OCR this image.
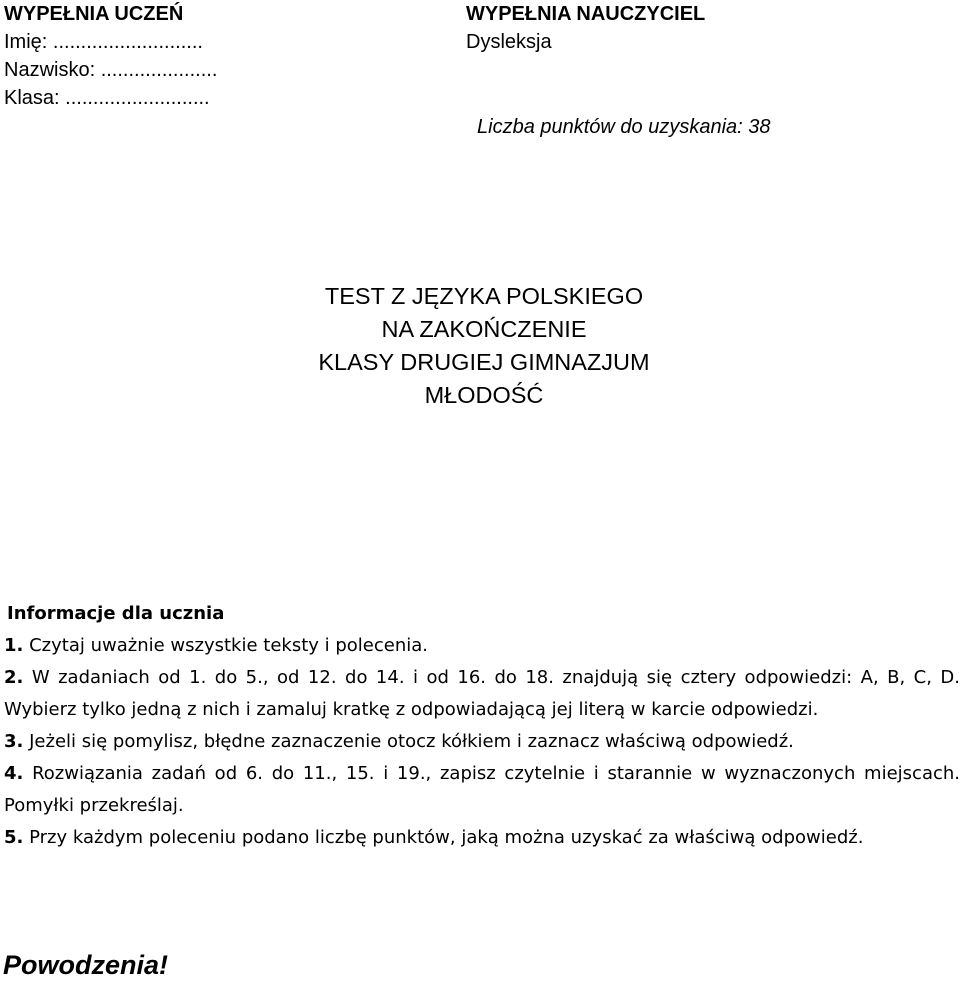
WYPEŁNIA UCZEŃ
Imię: ...........................
Nazwisko: .....................
Klasa: ..........................
WYPEŁNIA NAUCZYCIEL
Dysleksja
Liczba punktów do uzyskania: 38
TEST Z JĘZYKA POLSKIEGO
NA ZAKOŃCZENIE
KLASY DRUGIEJ GIMNAZJUM
MŁODOŚĆ
Informacje dla ucznia
1. Czytaj uważnie wszystkie teksty i polecenia.
2. W zadaniach od 1. do 5., od 12. do 14. i od 16. do 18. znajdują się cztery odpowiedzi: A, B, C, D. Wybierz tylko jedną z nich i zamaluj kratkę z odpowiadającą jej literą w karcie odpowiedzi.
3. Jeżeli się pomylisz, błędne zaznaczenie otocz kółkiem i zaznacz właściwą odpowiedź.
4. Rozwiązania zadań od 6. do 11., 15. i 19., zapisz czytelnie i starannie w wyznaczonych miejscach. Pomyłki przekreślaj.
5. Przy każdym poleceniu podano liczbę punktów, jaką można uzyskać za właściwą odpowiedź.
Powodzenia!
